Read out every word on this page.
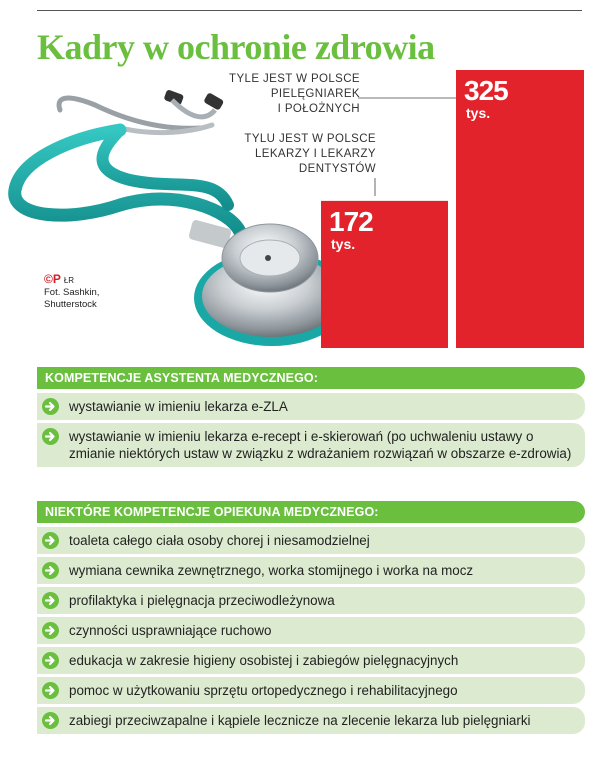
Kadry w ochronie zdrowia
172
tys.
TYLU JEST W POLSCE
LEKARZY I LEKARZY
DENTYSTÓW
325
tys.
TYLE JEST W POLSCE
PIELĘGNIAREK
I POŁOŻNYCH
©P ŁR
Fot. Sashkin,
Shutterstock
KOMPETENCJE ASYSTENTA MEDYCZNEGO:
wystawianie w imieniu lekarza e-ZLA
wystawianie w imieniu lekarza e-recept i e-skierowań (po uchwaleniu ustawy o zmianie niektórych ustaw w związku z wdrażaniem rozwiązań w obszarze e-zdrowia)
NIEKTÓRE KOMPETENCJE OPIEKUNA MEDYCZNEGO:
toaleta całego ciała osoby chorej i niesamodzielnej
wymiana cewnika zewnętrznego, worka stomijnego i worka na mocz
profilaktyka i pielęgnacja przeciwodleżynowa
czynności usprawniające ruchowo
edukacja w zakresie higieny osobistej i zabiegów pielęgnacyjnych
pomoc w użytkowaniu sprzętu ortopedycznego i rehabilitacyjnego
zabiegi przeciwzapalne i kąpiele lecznicze na zlecenie lekarza lub pielęgniarki
